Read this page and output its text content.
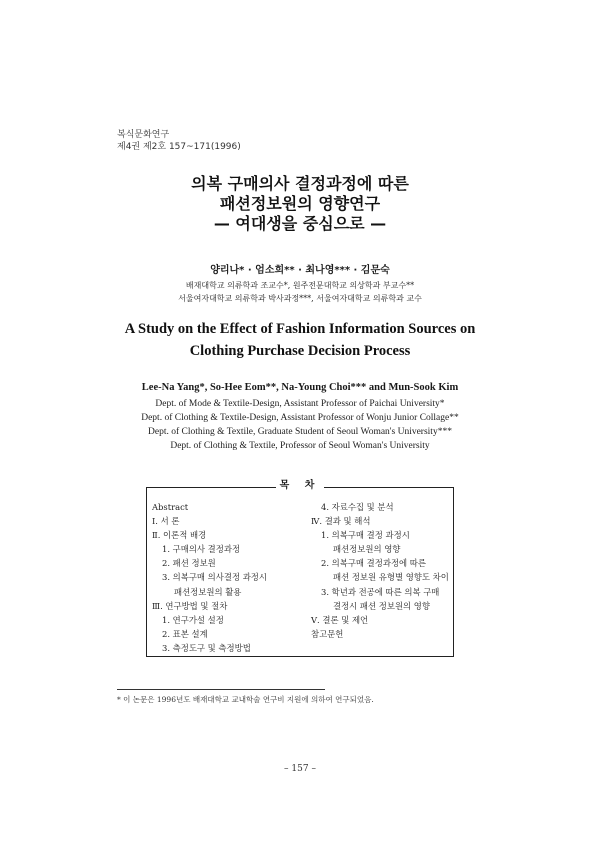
복식문화연구
제4권 제2호 157~171(1996)
의복 구매의사 결정과정에 따른
패션정보원의 영향연구
— 여대생을 중심으로 —
양리나* · 엄소희** · 최나영*** · 김문숙
배재대학교 의류학과 조교수*, 원주전문대학교 의상학과 부교수**
서울여자대학교 의류학과 박사과정***, 서울여자대학교 의류학과 교수
A Study on the Effect of Fashion Information Sources on
Clothing Purchase Decision Process
Lee-Na Yang*, So-Hee Eom**, Na-Young Choi*** and Mun-Sook Kim
Dept. of Mode & Textile-Design, Assistant Professor of Paichai University*
Dept. of Clothing & Textile-Design, Assistant Professor of Wonju Junior Collage**
Dept. of Clothing & Textile, Graduate Student of Seoul Woman's University***
Dept. of Clothing & Textile, Professor of Seoul Woman's University
목 차
Abstract
Ⅰ. 서 론
Ⅱ. 이론적 배경
1. 구매의사 결정과정
2. 패션 정보원
3. 의복구매 의사결정 과정시
패션정보원의 활용
Ⅲ. 연구방법 및 절차
1. 연구가설 설정
2. 표본 설계
3. 측정도구 및 측정방법
4. 자료수집 및 분석
Ⅳ. 결과 및 해석
1. 의복구매 결정 과정시
패션정보원의 영향
2. 의복구매 결정과정에 따른
패션 정보원 유형별 영향도 차이
3. 학년과 전공에 따른 의복 구매
결정시 패션 정보원의 영향
Ⅴ. 결론 및 제언
참고문헌
* 이 논문은 1996년도 배재대학교 교내학술 연구비 지원에 의하여 연구되었음.
– 157 –
